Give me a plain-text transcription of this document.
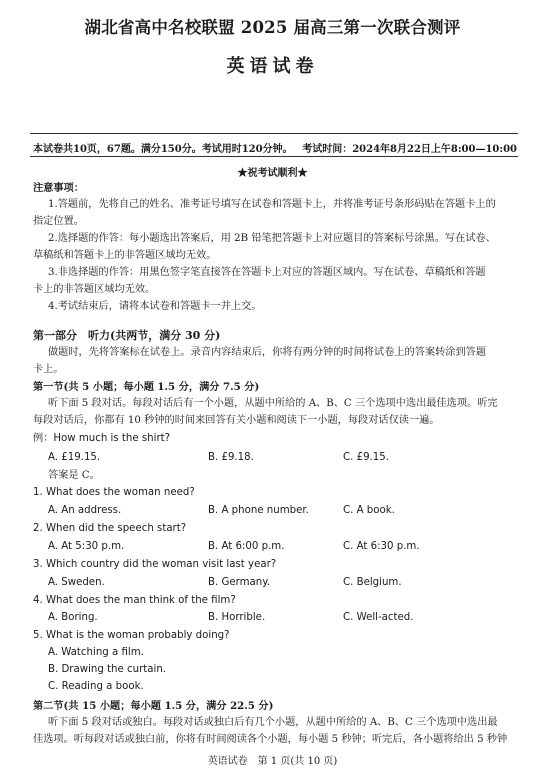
湖北省高中名校联盟 2025 届高三第一次联合测评
英语试卷
本试卷共10页，67题。满分150分。考试用时120分钟。 考试时间：2024年8月22日上午8:00—10:00
★祝考试顺利★
注意事项：
1.答题前，先将自己的姓名、准考证号填写在试卷和答题卡上，并将准考证号条形码贴在答题卡上的
指定位置。
2.选择题的作答：每小题选出答案后，用 2B 铅笔把答题卡上对应题目的答案标号涂黑。写在试卷、
草稿纸和答题卡上的非答题区域均无效。
3.非选择题的作答：用黑色签字笔直接答在答题卡上对应的答题区域内。写在试卷、草稿纸和答题
卡上的非答题区域均无效。
4.考试结束后，请将本试卷和答题卡一并上交。
第一部分　听力(共两节，满分 30 分)
做题时，先将答案标在试卷上。录音内容结束后，你将有两分钟的时间将试卷上的答案转涂到答题
卡上。
第一节(共 5 小题；每小题 1.5 分，满分 7.5 分)
听下面 5 段对话。每段对话后有一个小题，从题中所给的 A、B、C 三个选项中选出最佳选项。听完
每段对话后，你都有 10 秒钟的时间来回答有关小题和阅读下一小题，每段对话仅读一遍。
例：How much is the shirt?
A. £19.15.	B. £9.18.	C. £9.15.
答案是 C。
1. What does the woman need?
A. An address.	B. A phone number.	C. A book.
2. When did the speech start?
A. At 5:30 p.m.	B. At 6:00 p.m.	C. At 6:30 p.m.
3. Which country did the woman visit last year?
A. Sweden.	B. Germany.	C. Belgium.
4. What does the man think of the film?
A. Boring.	B. Horrible.	C. Well-acted.
5. What is the woman probably doing?
A. Watching a film.
B. Drawing the curtain.
C. Reading a book.
第二节(共 15 小题；每小题 1.5 分，满分 22.5 分)
听下面 5 段对话或独白。每段对话或独白后有几个小题，从题中所给的 A、B、C 三个选项中选出最
佳选项。听每段对话或独白前，你将有时间阅读各个小题，每小题 5 秒钟；听完后，各小题将给出 5 秒钟
英语试卷　第 1 页(共 10 页)
